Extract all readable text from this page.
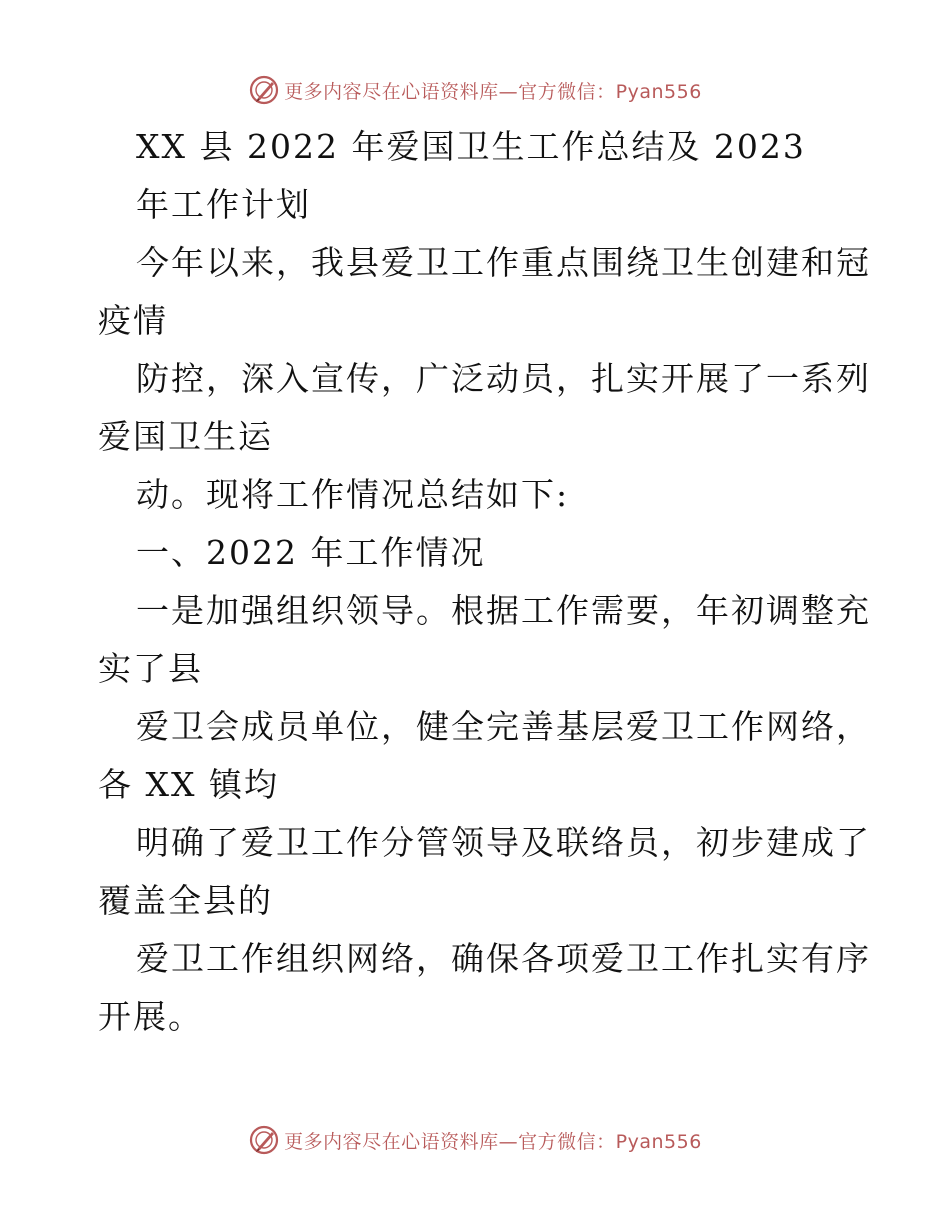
更多内容尽在心语资料库—官方微信：Pyan556
XX 县 2022 年爱国卫生工作总结及 2023
年工作计划
今年以来，我县爱卫工作重点围绕卫生创建和冠
疫情
防控，深入宣传，广泛动员，扎实开展了一系列
爱国卫生运
动。现将工作情况总结如下:
一、2022 年工作情况
一是加强组织领导。根据工作需要，年初调整充
实了县
爱卫会成员单位，健全完善基层爱卫工作网络，
各 XX 镇均
明确了爱卫工作分管领导及联络员，初步建成了
覆盖全县的
爱卫工作组织网络，确保各项爱卫工作扎实有序
开展。
更多内容尽在心语资料库—官方微信：Pyan556
